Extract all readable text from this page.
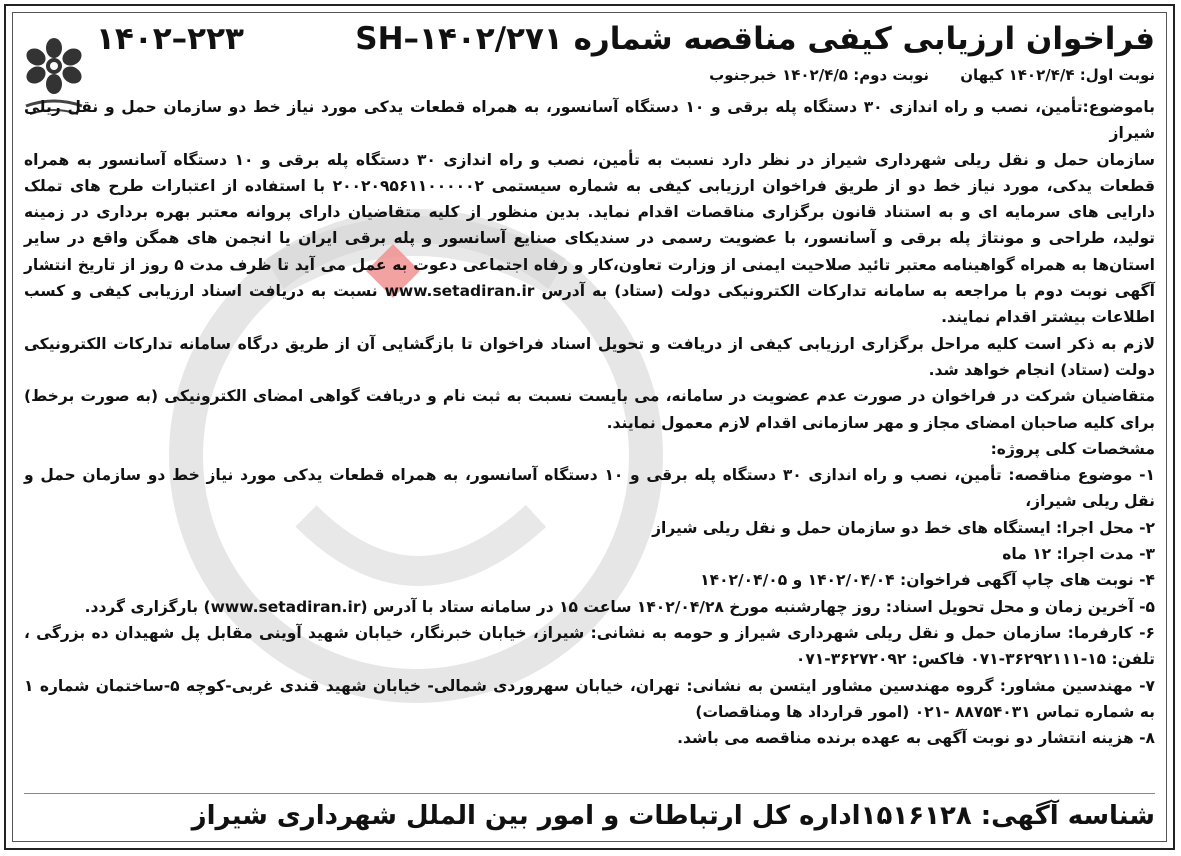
فراخوان ارزیابی کیفی مناقصه شماره SH–۱۴۰۲/۲۷۱
۱۴۰۲–۲۲۳
نوبت اول: ۱۴۰۲/۴/۴ کیهان نوبت دوم: ۱۴۰۲/۴/۵ خبرجنوب

باموضوع:تأمین، نصب و راه اندازی ۳۰ دستگاه پله برقی و ۱۰ دستگاه آسانسور، به همراه قطعات یدکی مورد نیاز خط دو سازمان حمل و نقل ریلی شیراز

سازمان حمل و نقل ریلی شهرداری شیراز در نظر دارد نسبت به تأمین، نصب و راه اندازی ۳۰ دستگاه پله برقی و ۱۰ دستگاه آسانسور به همراه قطعات یدکی، مورد نیاز خط دو از طریق فراخوان ارزیابی کیفی به شماره سیستمی ۲۰۰۲۰۹۵۶۱۱۰۰۰۰۰۲ با استفاده از اعتبارات طرح های تملک دارایی های سرمایه ای و به استناد قانون برگزاری مناقصات اقدام نماید. بدین منظور از کلیه متقاضیان دارای پروانه معتبر بهره برداری در زمینه تولید، طراحی و مونتاژ پله برقی و آسانسور، با عضویت رسمی در سندیکای صنایع آسانسور و پله برقی ایران یا انجمن های همگن واقع در سایر استان‌ها به همراه گواهینامه معتبر تائید صلاحیت ایمنی از وزارت تعاون،کار و رفاه اجتماعی دعوت به عمل می آید تا ظرف مدت ۵ روز از تاریخ انتشار آگهی نوبت دوم با مراجعه به سامانه تدارکات الکترونیکی دولت (ستاد) به آدرس www.setadiran.ir نسبت به دریافت اسناد ارزیابی کیفی و کسب اطلاعات بیشتر اقدام نمایند.

لازم به ذکر است کلیه مراحل برگزاری ارزیابی کیفی از دریافت و تحویل اسناد فراخوان تا بازگشایی آن از طریق درگاه سامانه تدارکات الکترونیکی دولت (ستاد) انجام خواهد شد.

متقاضیان شرکت در فراخوان در صورت عدم عضویت در سامانه، می بایست نسبت به ثبت نام و دریافت گواهی امضای الکترونیکی (به صورت برخط) برای کلیه صاحبان امضای مجاز و مهر سازمانی اقدام لازم معمول نمایند.

مشخصات کلی پروژه:

۱- موضوع مناقصه: تأمین، نصب و راه اندازی ۳۰ دستگاه پله برقی و ۱۰ دستگاه آسانسور، به همراه قطعات یدکی مورد نیاز خط دو سازمان حمل و نقل ریلی شیراز،

۲- محل اجرا: ایستگاه های خط دو سازمان حمل و نقل ریلی شیراز

۳- مدت اجرا: ۱۲ ماه

۴- نوبت های چاپ آگهی فراخوان: ۱۴۰۲/۰۴/۰۴ و ۱۴۰۲/۰۴/۰۵

۵- آخرین زمان و محل تحویل اسناد: روز چهارشنبه مورخ ۱۴۰۲/۰۴/۲۸ ساعت ۱۵ در سامانه ستاد با آدرس (www.setadiran.ir) بارگزاری گردد.

۶- کارفرما: سازمان حمل و نقل ریلی شهرداری شیراز و حومه به نشانی: شیراز، خیابان خبرنگار، خیابان شهید آوینی مقابل پل شهیدان ده بزرگی ، تلفن: ۱۵-۳۶۲۹۲۱۱۱-۰۷۱ فاکس: ۳۶۲۷۲۰۹۲-۰۷۱

۷- مهندسین مشاور: گروه مهندسین مشاور ایتسن به نشانی: تهران، خیابان سهروردی شمالی- خیابان شهید قندی غربی-کوچه ۵-ساختمان شماره ۱ به شماره تماس ۸۸۷۵۴۰۳۱ -۰۲۱ (امور قرارداد ها ومناقصات)

۸- هزینه انتشار دو نوبت آگهی به عهده برنده مناقصه می باشد.

شناسه آگهی: ۱۵۱۶۱۲۸
اداره کل ارتباطات و امور بین الملل شهرداری شیراز
